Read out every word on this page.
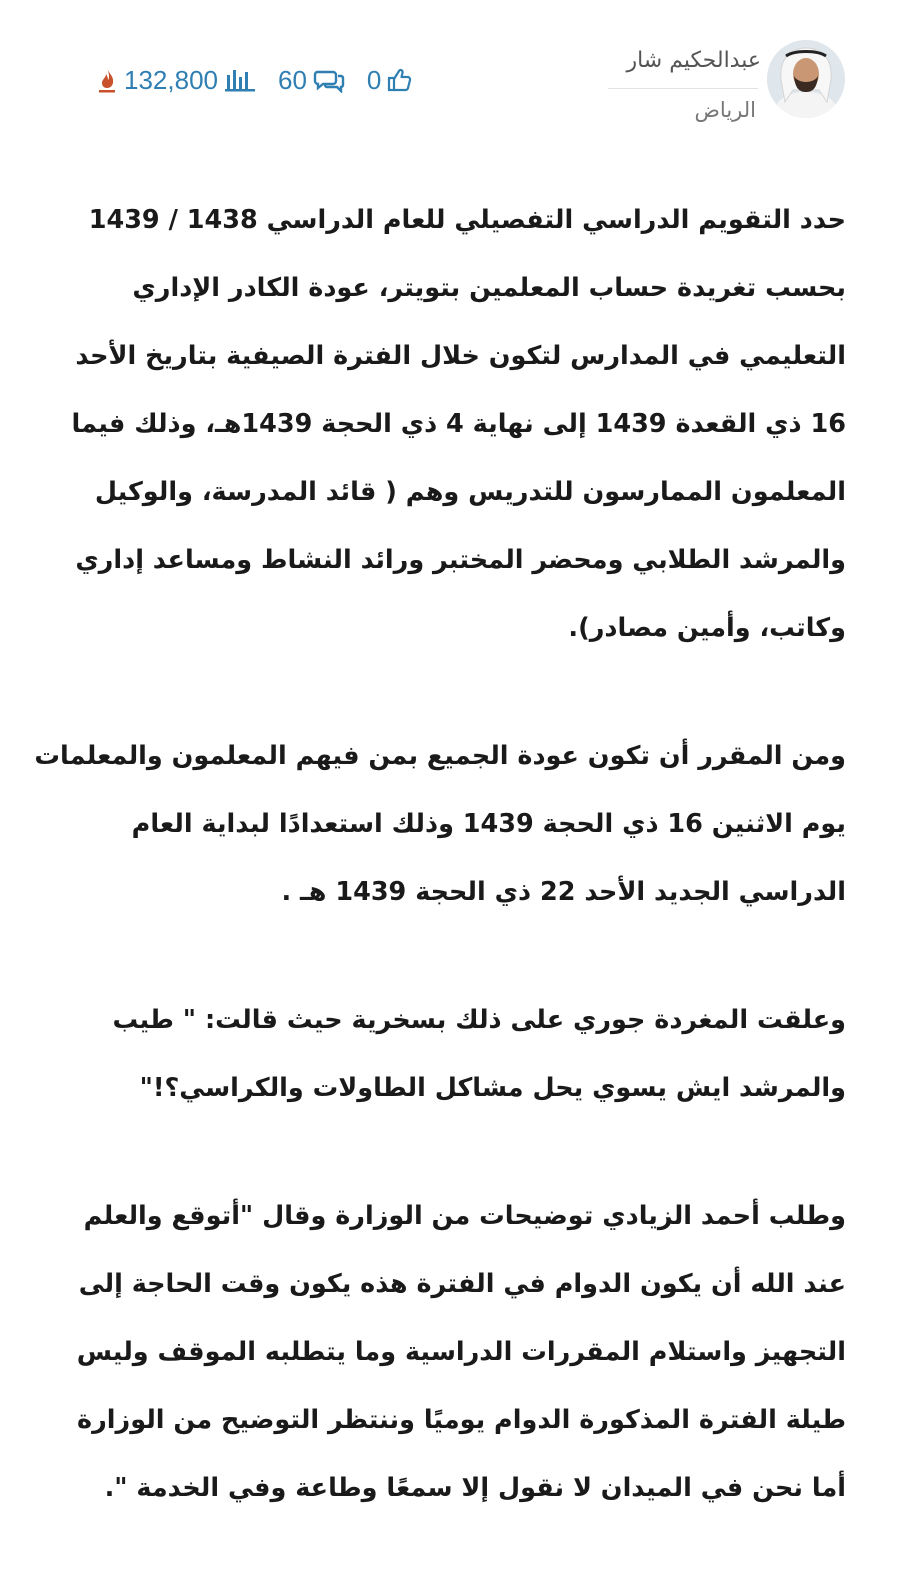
عبدالحكيم شار
الرياض
132,800 60 0

حدد التقويم الدراسي التفصيلي للعام الدراسي 1438 / 1439
بحسب تغريدة حساب المعلمين بتويتر، عودة الكادر الإداري
التعليمي في المدارس لتكون خلال الفترة الصيفية بتاريخ الأحد
16 ذي القعدة 1439 إلى نهاية 4 ذي الحجة 1439هـ، وذلك فيما
المعلمون الممارسون للتدريس وهم ( قائد المدرسة، والوكيل
والمرشد الطلابي ومحضر المختبر ورائد النشاط ومساعد إداري
وكاتب، وأمين مصادر).

ومن المقرر أن تكون عودة الجميع بمن فيهم المعلمون والمعلمات
يوم الاثنين 16 ذي الحجة 1439 وذلك استعدادًا لبداية العام
الدراسي الجديد الأحد 22 ذي الحجة 1439 هـ .

وعلقت المغردة جوري على ذلك بسخرية حيث قالت: " طيب
والمرشد ايش يسوي يحل مشاكل الطاولات والكراسي؟!"

وطلب أحمد الزيادي توضيحات من الوزارة وقال "أتوقع والعلم
عند الله أن يكون الدوام في الفترة هذه يكون وقت الحاجة إلى
التجهيز واستلام المقررات الدراسية وما يتطلبه الموقف وليس
طيلة الفترة المذكورة الدوام يوميًا وننتظر التوضيح من الوزارة
أما نحن في الميدان لا نقول إلا سمعًا وطاعة وفي الخدمة ".
